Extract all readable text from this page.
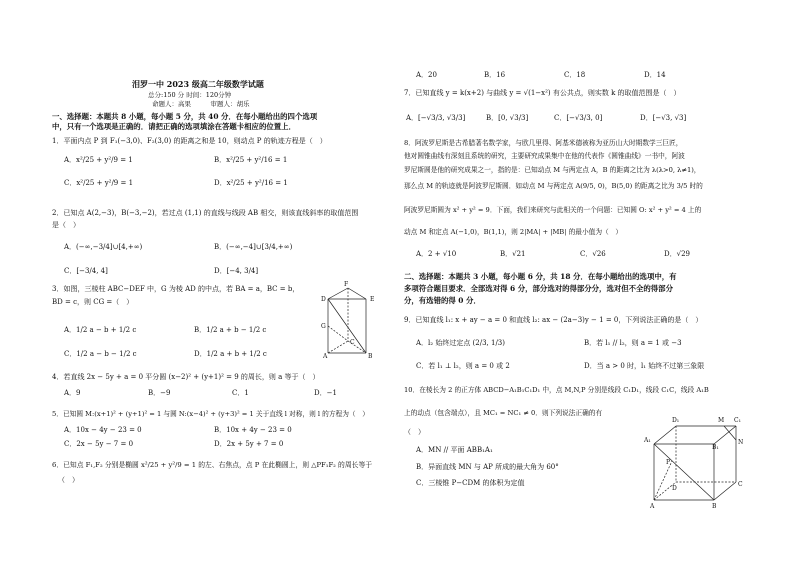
泪罗一中 2023 级高二年级数学试题
总分:150 分 时间：120分钟
命题人：高果　　　审题人：胡乐
一、选择题：本题共 8 小题，每小题 5 分，共 40 分．在每小题给出的四个选项
中，只有一个选项是正确的．请把正确的选项填涂在答题卡相应的位置上．
1．平面内点 P 到 F₁(−3,0)、F₂(3,0) 的距离之和是 10，则动点 P 的轨迹方程是（　）
A．x²/25 + y²/9 = 1	B．x²/25 + y²/16 = 1
C．x²/25 + y²/9 = 1	D．x²/25 + y²/16 = 1
2．已知点 A(2,−3)，B(−3,−2)，若过点 (1,1) 的直线与线段 AB 相交，则该直线斜率的取值范围
是（　）
A．(−∞,−3/4]∪[4,+∞)	B．(−∞,−4]∪[3/4,+∞)
C．[−3/4, 4]	D．[−4, 3/4]
3．如图，三棱柱 ABC−DEF 中，G 为棱 AD 的中点，若 BA = a，BC = b，
BD = c，则 CG =（　）
A．1/2 a − b + 1/2 c	B．1/2 a + b − 1/2 c
C．1/2 a − b − 1/2 c	D．1/2 a + b + 1/2 c
D
F
E
G
A
C
B
4．若直线 2x − 5y + a = 0 平分圆 (x−2)² + (y+1)² = 9 的周长，则 a 等于（　）
A．9	B．−9	C．1	D．−1
5．已知圆 M:(x+1)² + (y+1)² = 1 与圆 N:(x−4)² + (y+3)² = 1 关于直线 l 对称，则 l 的方程为（　）
A．10x − 4y − 23 = 0	B．10x + 4y − 23 = 0
C．2x − 5y − 7 = 0	D．2x + 5y + 7 = 0
6．已知点 F₁,F₂ 分别是椭圆 x²/25 + y²/9 = 1 的左、右焦点，点 P 在此椭圆上，则 △PF₁F₂ 的周长等于
（　）
A．20	B．16	C．18	D．14
7．已知直线 y = k(x+2) 与曲线 y = √(1−x²) 有公共点，则实数 k 的取值范围是（　）
A．[−√3/3, √3/3]	B．[0, √3/3]	C．[−√3/3, 0]	D．[−√3, √3]
8．阿波罗尼斯是古希腊著名数学家，与欧几里得、阿基米德被称为亚历山大时期数学三巨匠，
他对圆锥曲线有深刻且系统的研究，主要研究成果集中在他的代表作《圆锥曲线》一书中，阿波
罗尼斯圆是他的研究成果之一，指的是：已知动点 M 与两定点 A，B 的距离之比为 λ(λ>0, λ≠1)，
那么点 M 的轨迹就是阿波罗尼斯圆．如动点 M 与两定点 A(9/5, 0)，B(5,0) 的距离之比为 3/5 时的
阿波罗尼斯圆为 x² + y² = 9．下面，我们来研究与此相关的一个问题：已知圆 O: x² + y² = 4 上的
动点 M 和定点 A(−1,0)，B(1,1)，则 2|MA| + |MB| 的最小值为（　）
A．2 + √10	B．√21	C．√26	D．√29
二、选择题：本题共 3 小题，每小题 6 分，共 18 分．在每小题给出的选项中，有
多项符合题目要求．全部选对得 6 分，部分选对的得部分分，选对但不全的得部分
分，有选错的得 0 分．
9．已知直线 l₁: x + ay − a = 0 和直线 l₂: ax − (2a−3)y − 1 = 0，下列说法正确的是（　）
A．l₂ 始终过定点 (2/3, 1/3)	B．若 l₁ // l₂，则 a = 1 或 −3
C．若 l₁ ⊥ l₂，则 a = 0 或 2	D．当 a > 0 时，l₁ 始终不过第三象限
10．在棱长为 2 的正方体 ABCD−A₁B₁C₁D₁ 中，点 M,N,P 分别是线段 C₁D₁，线段 C₁C，线段 A₁B
上的动点（包含端点），且 MC₁ = NC₁ ≠ 0．则下列说法正确的有
（　）
A．MN // 平面 ABB₁A₁
B．异面直线 MN 与 AP 所成的最大角为 60°
C．三棱锥 P−CDM 的体积为定值
D₁	M C₁
A₁
B₁
N
P
D
C
A	B
